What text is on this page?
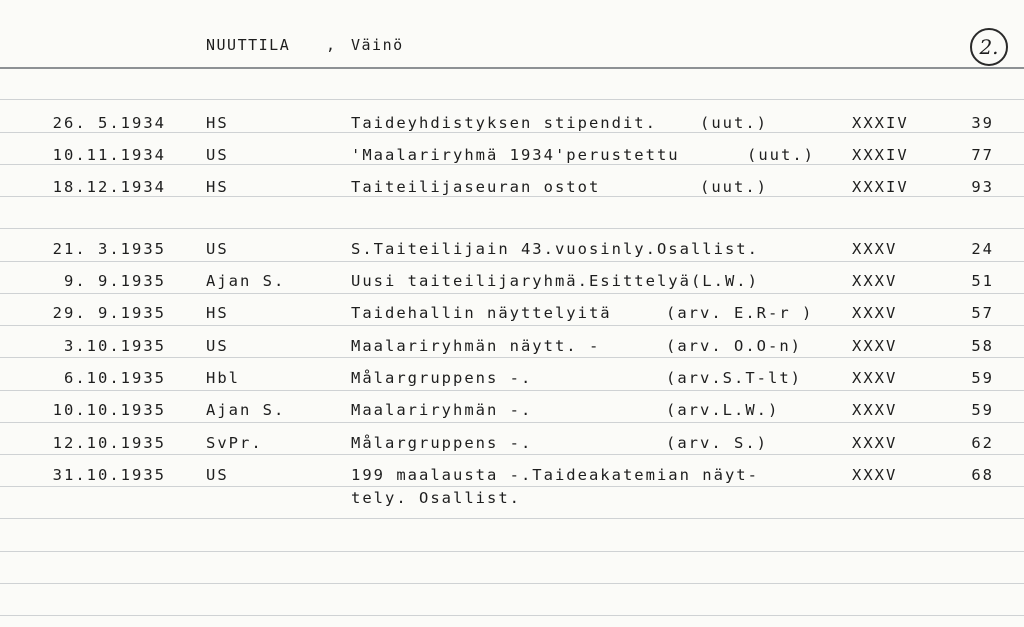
NUUTTILA , Väinö	2.
26. 5.1934	HS	Taideyhdistyksen stipendit. (uut.)	XXXIV	39
10.11.1934	US	'Maalariryhmä 1934'perustettu	(uut.) XXXIV	77
18.12.1934	HS	Taiteilijaseuran ostot	(uut.)	XXXIV	93
21. 3.1935	US	S.Taiteilijain 43.vuosinly.Osallist.	XXXV	24
9. 9.1935	Ajan S.	Uusi taiteilijaryhmä.Esittelyä(L.W.)	XXXV	51
29. 9.1935	HS	Taidehallin näyttelyitä	(arv. E.R-r ) XXXV	57
3.10.1935	US	Maalariryhmän näytt. -	(arv. O.O-n)	XXXV	58
6.10.1935	Hbl	Målargruppens -.	(arv.S.T-lt)	XXXV	59
10.10.1935	Ajan S.	Maalariryhmän -.	(arv.L.W.)	XXXV	59
12.10.1935	SvPr.	Målargruppens -.	(arv. S.)	XXXV	62
31.10.1935	US	199 maalausta -.Taideakatemian näyt-	XXXV	68
tely. Osallist.
